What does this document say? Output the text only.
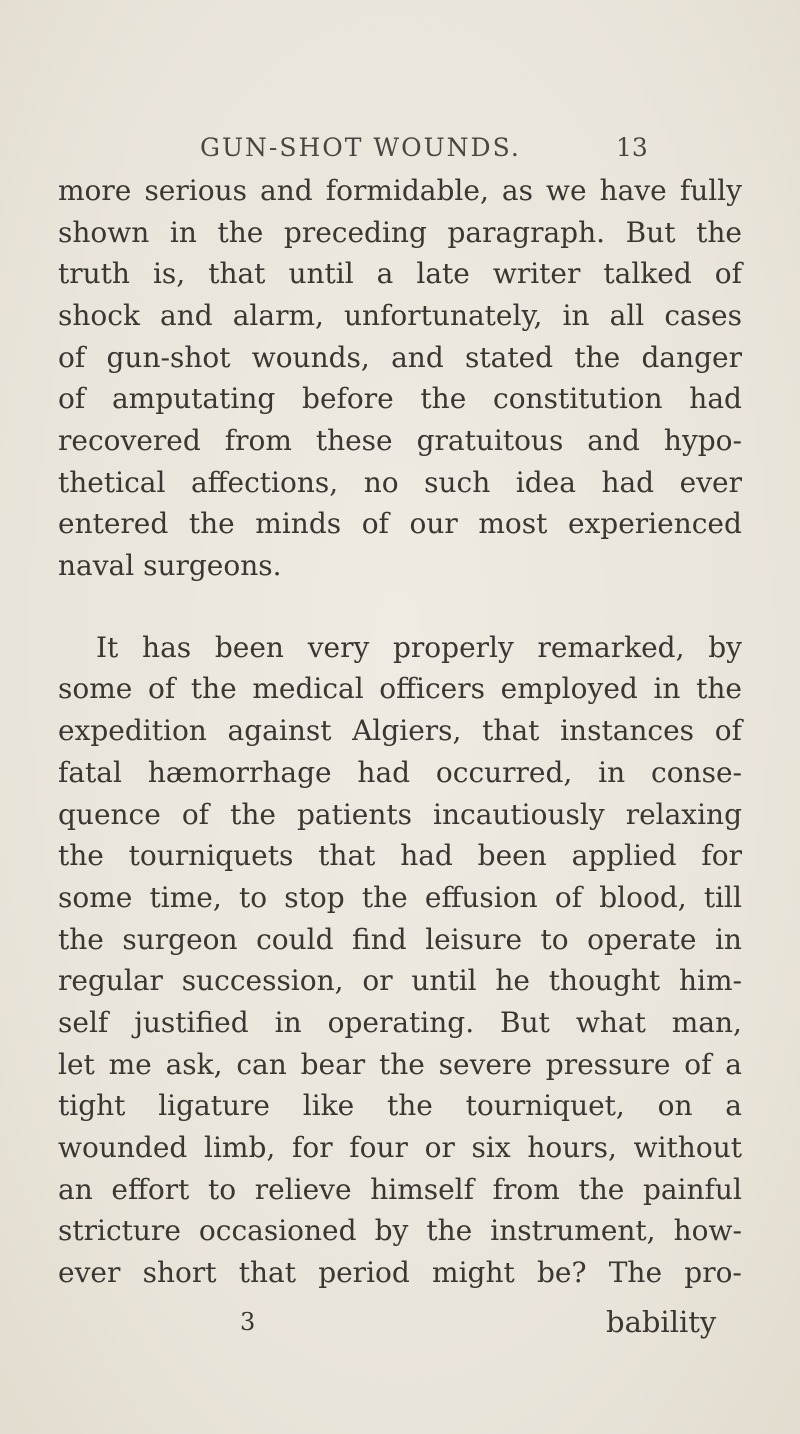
GUN-SHOT WOUNDS.	13
more serious and formidable, as we have fully
shown in the preceding paragraph. But the
truth is, that until a late writer talked of
shock and alarm, unfortunately, in all cases
of gun-shot wounds, and stated the danger
of amputating before the constitution had
recovered from these gratuitous and hypo-
thetical affections, no such idea had ever
entered the minds of our most experienced
naval surgeons.
It has been very properly remarked, by
some of the medical officers employed in the
expedition against Algiers, that instances of
fatal hæmorrhage had occurred, in conse-
quence of the patients incautiously relaxing
the tourniquets that had been applied for
some time, to stop the effusion of blood, till
the surgeon could find leisure to operate in
regular succession, or until he thought him-
self justified in operating. But what man,
let me ask, can bear the severe pressure of a
tight ligature like the tourniquet, on a
wounded limb, for four or six hours, without
an effort to relieve himself from the painful
stricture occasioned by the instrument, how-
ever short that period might be? The pro-
3	bability
